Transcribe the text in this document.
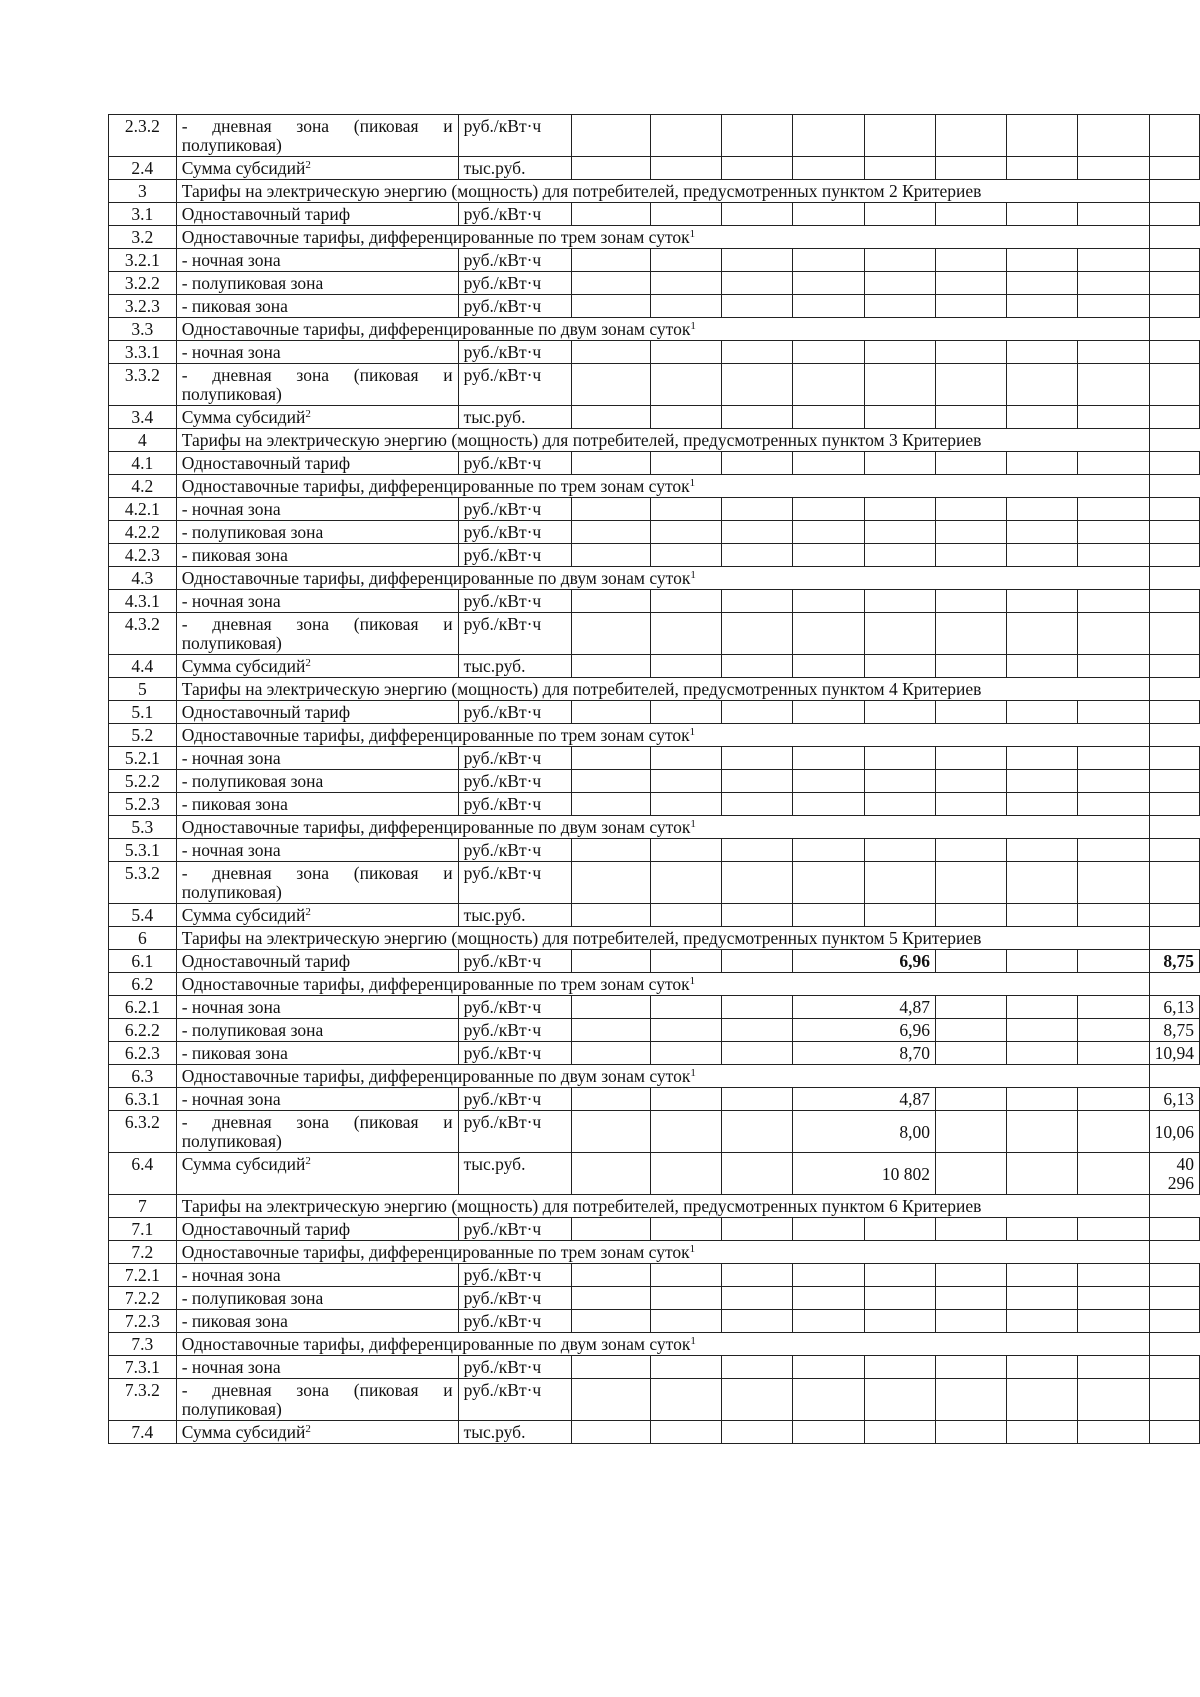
2.3.2	- дневная зона (пиковая и полупиковая)	руб./кВт·ч									
2.4	Сумма субсидий$^2$	тыс.руб.									
3	Тарифы на электрическую энергию (мощность) для потребителей, предусмотренных пунктом 2 Критериев										
3.1	Одноставочный тариф	руб./кВт·ч									
3.2	Одноставочные тарифы, дифференцированные по трем зонам суток$^1$
3.2.1	- ночная зона	руб./кВт·ч									
3.2.2	- полупиковая зона	руб./кВт·ч									
3.2.3	- пиковая зона	руб./кВт·ч									
3.3	Одноставочные тарифы, дифференцированные по двум зонам суток$^1$
3.3.1	- ночная зона	руб./кВт·ч									
3.3.2	- дневная зона (пиковая и полупиковая)	руб./кВт·ч									
3.4	Сумма субсидий$^2$	тыс.руб.									
4	Тарифы на электрическую энергию (мощность) для потребителей, предусмотренных пунктом 3 Критериев										
4.1	Одноставочный тариф	руб./кВт·ч									
4.2	Одноставочные тарифы, дифференцированные по трем зонам суток$^1$
4.2.1	- ночная зона	руб./кВт·ч									
4.2.2	- полупиковая зона	руб./кВт·ч									
4.2.3	- пиковая зона	руб./кВт·ч									
4.3	Одноставочные тарифы, дифференцированные по двум зонам суток$^1$
4.3.1	- ночная зона	руб./кВт·ч									
4.3.2	- дневная зона (пиковая и полупиковая)	руб./кВт·ч									
4.4	Сумма субсидий$^2$	тыс.руб.									
5	Тарифы на электрическую энергию (мощность) для потребителей, предусмотренных пунктом 4 Критериев										
5.1	Одноставочный тариф	руб./кВт·ч									
5.2	Одноставочные тарифы, дифференцированные по трем зонам суток$^1$
5.2.1	- ночная зона	руб./кВт·ч									
5.2.2	- полупиковая зона	руб./кВт·ч									
5.2.3	- пиковая зона	руб./кВт·ч									
5.3	Одноставочные тарифы, дифференцированные по двум зонам суток$^1$
5.3.1	- ночная зона	руб./кВт·ч									
5.3.2	- дневная зона (пиковая и полупиковая)	руб./кВт·ч									
5.4	Сумма субсидий$^2$	тыс.руб.									
6	Тарифы на электрическую энергию (мощность) для потребителей, предусмотренных пунктом 5 Критериев										
6.1	Одноставочный тариф	руб./кВт·ч				6,96					8,75
6.2	Одноставочные тарифы, дифференцированные по трем зонам суток$^1$
6.2.1	- ночная зона	руб./кВт·ч				4,87					6,13
6.2.2	- полупиковая зона	руб./кВт·ч				6,96					8,75
6.2.3	- пиковая зона	руб./кВт·ч				8,70					10,94
6.3	Одноставочные тарифы, дифференцированные по двум зонам суток$^1$
6.3.1	- ночная зона	руб./кВт·ч				4,87					6,13
6.3.2	- дневная зона (пиковая и полупиковая)	руб./кВт·ч				8,00					10,06
6.4	Сумма субсидий$^2$	тыс.руб.				10 802					40 296
7	Тарифы на электрическую энергию (мощность) для потребителей, предусмотренных пунктом 6 Критериев										
7.1	Одноставочный тариф	руб./кВт·ч									
7.2	Одноставочные тарифы, дифференцированные по трем зонам суток$^1$
7.2.1	- ночная зона	руб./кВт·ч									
7.2.2	- полупиковая зона	руб./кВт·ч									
7.2.3	- пиковая зона	руб./кВт·ч									
7.3	Одноставочные тарифы, дифференцированные по двум зонам суток$^1$
7.3.1	- ночная зона	руб./кВт·ч									
7.3.2	- дневная зона (пиковая и полупиковая)	руб./кВт·ч									
7.4	Сумма субсидий$^2$	тыс.руб.									
